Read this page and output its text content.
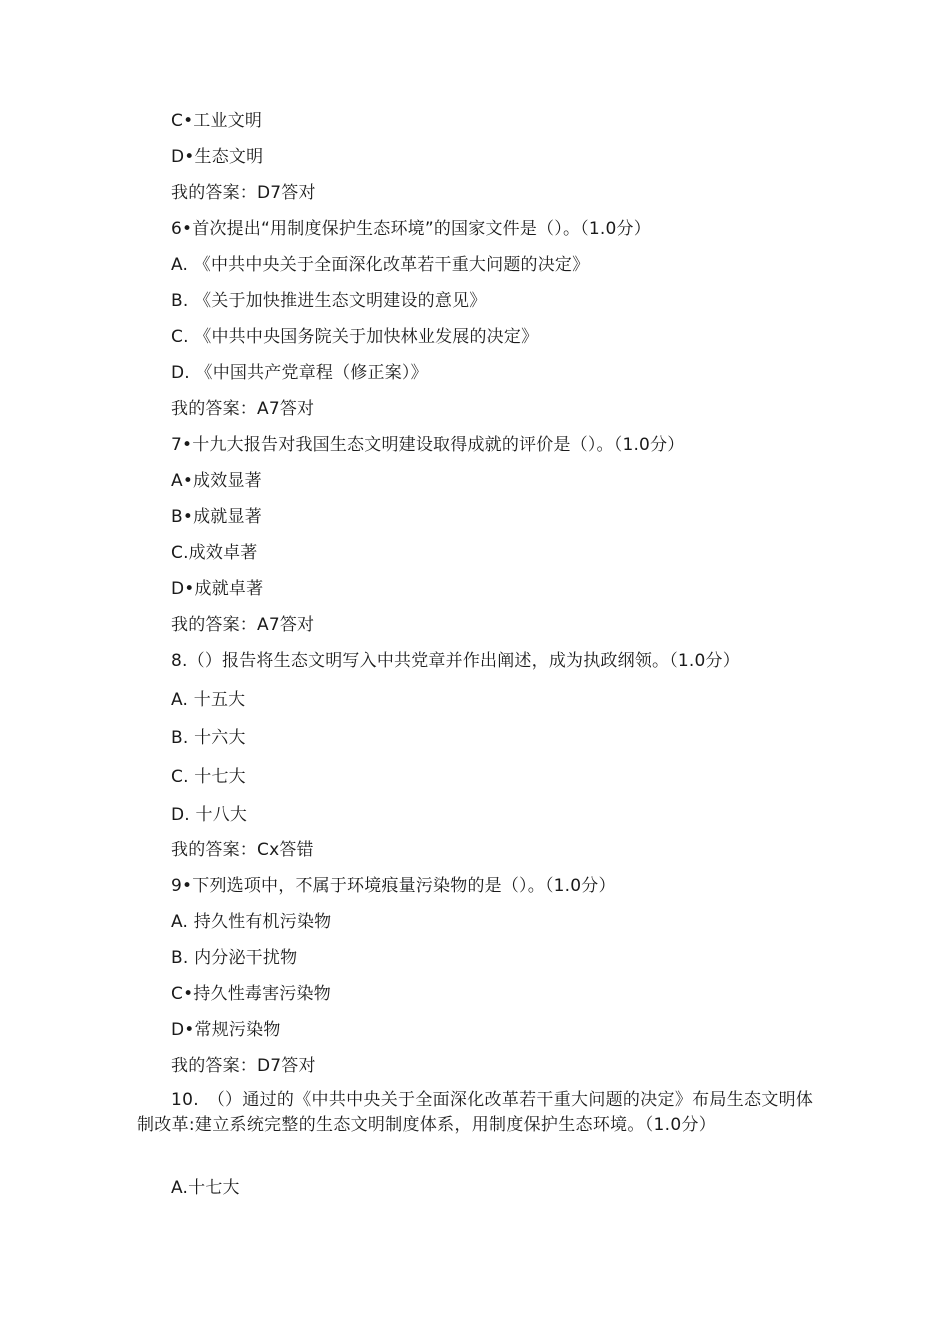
C•工业文明
D•生态文明
我的答案：D7答对
6•首次提出“用制度保护生态环境”的国家文件是（）。（1.0分）
A. 《中共中央关于全面深化改革若干重大问题的决定》
B. 《关于加快推进生态文明建设的意见》
C. 《中共中央国务院关于加快林业发展的决定》
D. 《中国共产党章程（修正案）》
我的答案：A7答对
7•十九大报告对我国生态文明建设取得成就的评价是（）。（1.0分）
A•成效显著
B•成就显著
C.成效卓著
D•成就卓著
我的答案：A7答对
8.（）报告将生态文明写入中共党章并作出阐述，成为执政纲领。（1.0分）
A. 十五大
B. 十六大
C. 十七大
D. 十八大
我的答案：Cx答错
9•下列选项中，不属于环境痕量污染物的是（）。（1.0分）
A. 持久性有机污染物
B. 内分泌干扰物
C•持久性毒害污染物
D•常规污染物
我的答案：D7答对
10.　（）通过的《中共中央关于全面深化改革若干重大问题的决定》布局生态文明体制改革:建立系统完整的生态文明制度体系，用制度保护生态环境。（1.0分）
A.十七大
